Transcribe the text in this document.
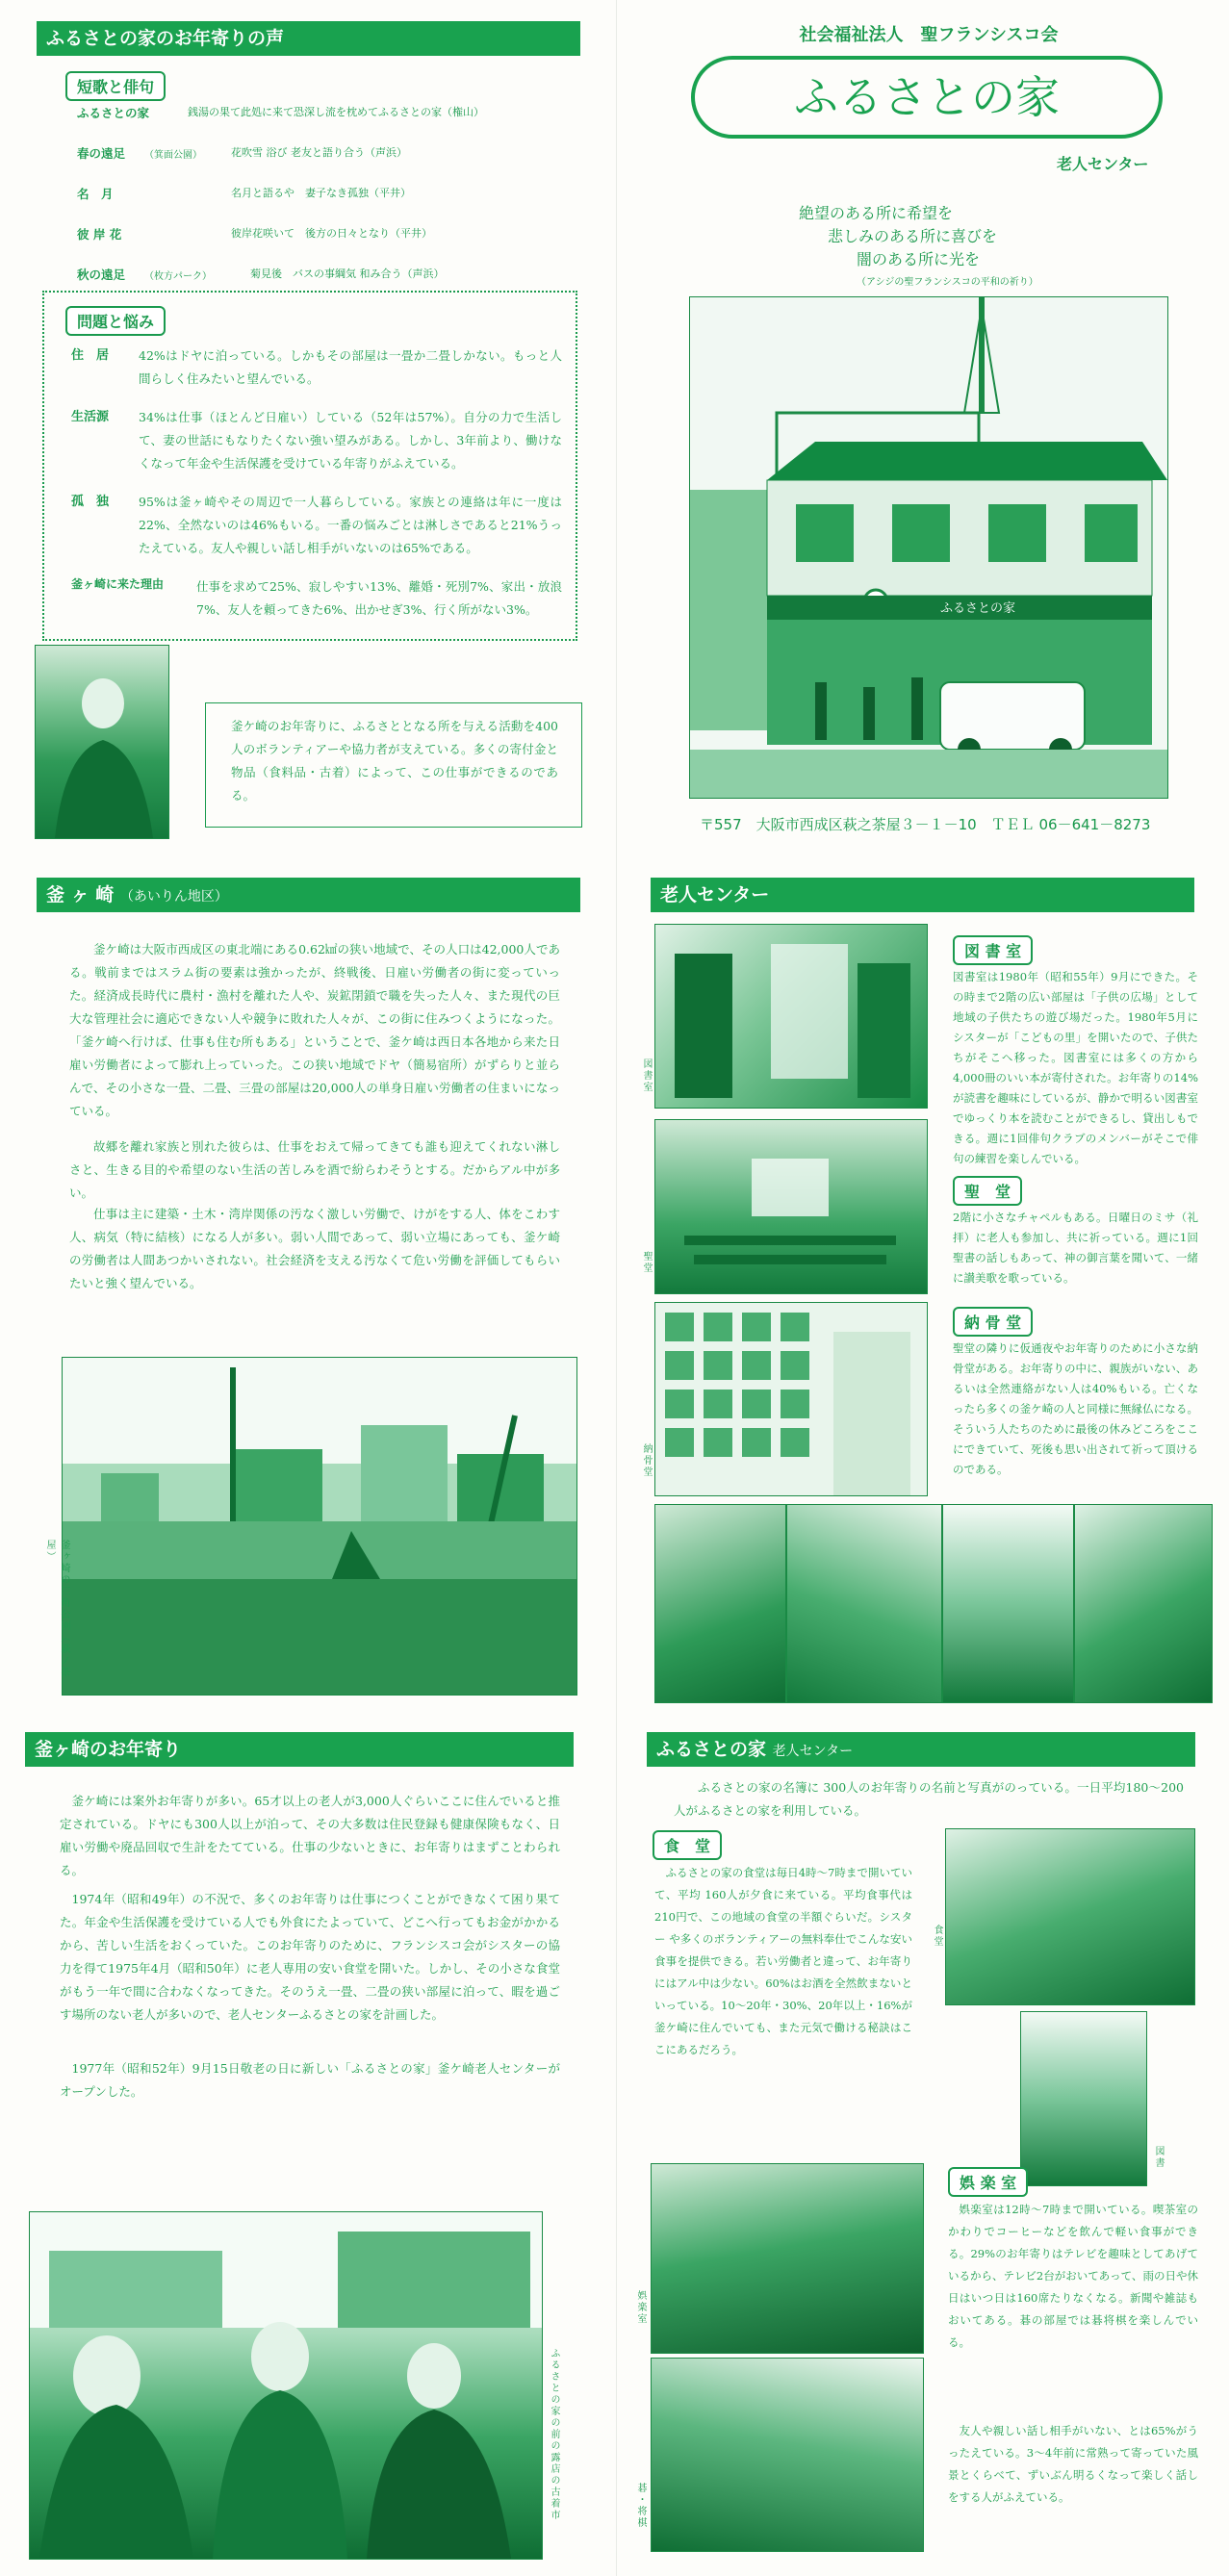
ふるさとの家のお年寄りの声
短歌と俳句
ふるさとの家	銭湯の果て此処に来て恐深し流を枕めてふるさとの家（権山）
春の遠足 （箕面公園）	花吹雪 浴び 老友と語り合う（声浜）
名　月	名月と語るや　妻子なき孤独（平井）
彼 岸 花	彼岸花咲いて　後方の日々となり（平井）
秋の遠足 （枚方パーク）	菊見後　バスの事綱気 和み合う（声浜）
問題と悩み
住　居 42%はドヤに泊っている。しかもその部屋は一畳か二畳しかない。もっと人間らしく住みたいと望んでいる。
生活源 34%は仕事（ほとんど日雇い）している（52年は57%）。自分の力で生活して、妻の世話にもなりたくない強い望みがある。しかし、3年前より、働けなくなって年金や生活保護を受けている年寄りがふえている。
孤　独 95%は釜ヶ崎やその周辺で一人暮らしている。家族との連絡は年に一度は22%、全然ないのは46%もいる。一番の悩みごとは淋しさであると21%うったえている。友人や親しい話し相手がいないのは65%である。
釜ヶ崎に来た理由	仕事を求めて25%、寂しやすい13%、離婚・死別7%、家出・放浪7%、友人を頼ってきた6%、出かせぎ3%、行く所がない3%。
釜ケ崎のお年寄りに、ふるさととなる所を与える活動を400人のボランティアーや協力者が支えている。多くの寄付金と物品（食料品・古着）によって、この仕事ができるのである。
社会福祉法人　聖フランシスコ会
ふるさとの家
老人センター
絶望のある所に希望を
悲しみのある所に喜びを
闇のある所に光を
（アシジの聖フランシスコの平和の祈り）
ふるさとの家
〒557　大阪市西成区萩之茶屋３－１－10　ＴＥＬ 06－641－8273
釜 ヶ 崎 （あいりん地区）
釜ケ崎は大阪市西成区の東北端にある0.62㎢の狭い地域で、その人口は42,000人である。戦前まではスラム街の要素は強かったが、終戦後、日雇い労働者の街に変っていった。経済成長時代に農村・漁村を離れた人や、炭鉱閉鎖で職を失った人々、また現代の巨大な管理社会に適応できない人や競争に敗れた人々が、この街に住みつくようになった。「釜ケ崎へ行けば、仕事も住む所もある」ということで、釜ケ崎は西日本各地から来た日雇い労働者によって膨れ上っていった。この狭い地域でドヤ（簡易宿所）がずらりと並らんで、その小さな一畳、二畳、三畳の部屋は20,000人の単身日雇い労働者の住まいになっている。
故郷を離れ家族と別れた彼らは、仕事をおえて帰ってきても誰も迎えてくれない淋しさと、生きる目的や希望のない生活の苦しみを酒で紛らわそうとする。だからアル中が多い。
仕事は主に建築・土木・湾岸関係の汚なく激しい労働で、けがをする人、体をこわす人、病気（特に結核）になる人が多い。弱い人間であって、弱い立場にあっても、釜ケ崎の労働者は人間あつかいされない。社会経済を支える汚なくて危い労働を評価してもらいたいと強く望んでいる。
釜ヶ崎の三角公園（萩ノ茶屋）
老人センター
図書室
聖堂
納骨堂
図 書 室
図書室は1980年（昭和55年）9月にできた。その時まで2階の広い部屋は「子供の広場」として地域の子供たちの遊び場だった。1980年5月にシスターが「こどもの里」を開いたので、子供たちがそこへ移った。図書室には多くの方から4,000冊のいい本が寄付された。お年寄りの14%が読書を趣味にしているが、静かで明るい図書室でゆっくり本を読むことができるし、貸出しもできる。週に1回俳句クラブのメンバーがそこで俳句の練習を楽しんでいる。
聖　堂
2階に小さなチャペルもある。日曜日のミサ（礼拝）に老人も参加し、共に祈っている。週に1回聖書の話しもあって、神の御言葉を聞いて、一緒に讃美歌を歌っている。
納 骨 堂
聖堂の隣りに仮通夜やお年寄りのために小さな納骨堂がある。お年寄りの中に、親族がいない、あるいは全然連絡がない人は40%もいる。亡くなったら多くの釜ケ崎の人と同様に無縁仏になる。そういう人たちのために最後の休みどころをここにできていて、死後も思い出されて祈って頂けるのである。
釜ヶ崎のお年寄り
釜ケ崎には案外お年寄りが多い。65才以上の老人が3,000人ぐらいここに住んでいると推定されている。ドヤにも300人以上が泊って、その大多数は住民登録も健康保険もなく、日雇い労働や廃品回収で生計をたてている。仕事の少ないときに、お年寄りはまずことわられる。
1974年（昭和49年）の不況で、多くのお年寄りは仕事につくことができなくて困り果てた。年金や生活保護を受けている人でも外食にたよっていて、どこへ行ってもお金がかかるから、苦しい生活をおくっていた。このお年寄りのために、フランシスコ会がシスターの協力を得て1975年4月（昭和50年）に老人専用の安い食堂を開いた。しかし、その小さな食堂がもう一年で間に合わなくなってきた。そのうえ一畳、二畳の狭い部屋に泊って、暇を過ごす場所のない老人が多いので、老人センターふるさとの家を計画した。
1977年（昭和52年）9月15日敬老の日に新しい「ふるさとの家」釜ケ崎老人センターがオープンした。
ふるさとの家の前の露店の古着市
ふるさとの家 老人センター
ふるさとの家の名簿に 300人のお年寄りの名前と写真がのっている。一日平均180～200人がふるさとの家を利用している。
食　堂
ふるさとの家の食堂は毎日4時～7時まで開いていて、平均 160人が夕食に来ている。平均食事代は 210円で、この地域の食堂の半額ぐらいだ。シスター や多くのボランティアーの無料奉仕でこんな安い食事を提供できる。若い労働者と違って、お年寄りにはアル中は少ない。60%はお酒を全然飲まないといっている。10～20年・30%、20年以上・16%が釜ケ崎に住んでいても、また元気で働ける秘訣はここにあるだろう。
食堂
図書
娯楽室
碁・将棋
娯 楽 室
娯楽室は12時～7時まで開いている。喫茶室のかわりでコーヒーなどを飲んで軽い食事ができる。29%のお年寄りはテレビを趣味としてあげているから、テレビ2台がおいてあって、雨の日や休日はいつ日は160席たりなくなる。新聞や雑誌もおいてある。碁の部屋では碁将棋を楽しんでいる。
友人や親しい話し相手がいない、とは65%がうったえている。3～4年前に常熟って寄っていた風景とくらべて、ずいぶん明るくなって楽しく話しをする人がふえている。
